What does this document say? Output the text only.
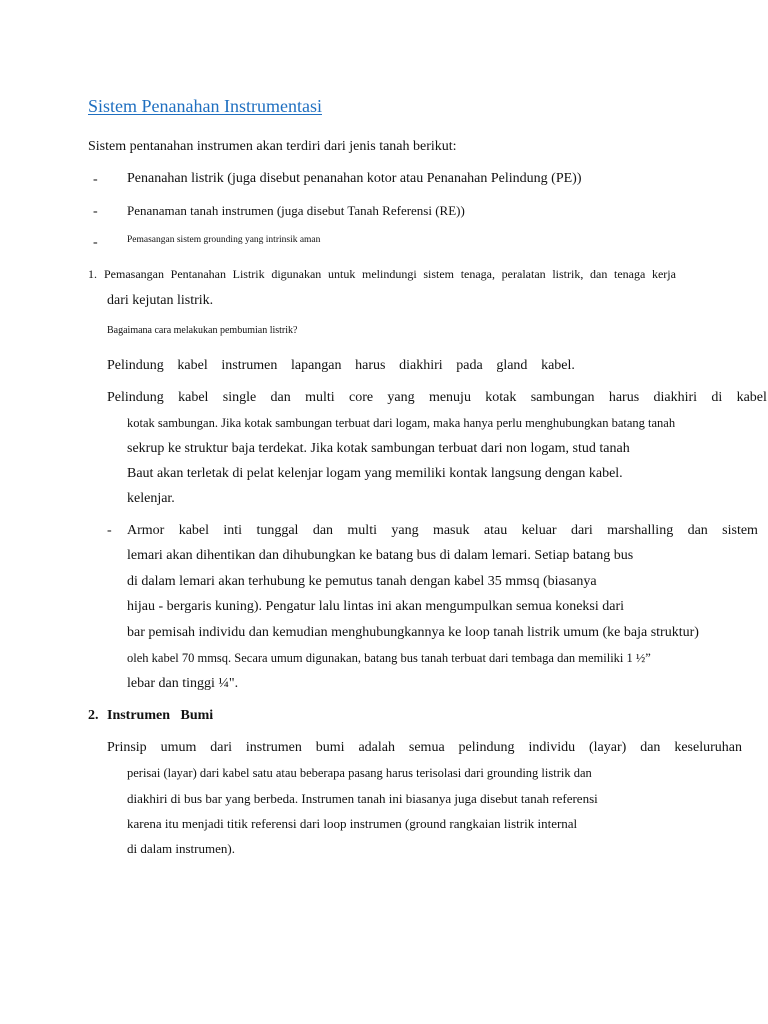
Sistem Penanahan Instrumentasi
Sistem pentanahan instrumen akan terdiri dari jenis tanah berikut:
- Penanahan listrik (juga disebut penanahan kotor atau Penanahan Pelindung (PE))
- Penanaman tanah instrumen (juga disebut Tanah Referensi (RE))
-	Pemasangan sistem grounding yang intrinsik aman
1. Pemasangan Pentanahan Listrik digunakan untuk melindungi sistem tenaga, peralatan listrik, dan tenaga kerja
dari kejutan listrik.
Bagaimana cara melakukan pembumian listrik?
Pelindung kabel instrumen lapangan harus diakhiri pada gland kabel.
Pelindung kabel single dan multi core yang menuju kotak sambungan harus diakhiri di kabel
kotak sambungan. Jika kotak sambungan terbuat dari logam, maka hanya perlu menghubungkan batang tanah
sekrup ke struktur baja terdekat. Jika kotak sambungan terbuat dari non logam, stud tanah
Baut akan terletak di pelat kelenjar logam yang memiliki kontak langsung dengan kabel.
kelenjar.
- Armor kabel inti tunggal dan multi yang masuk atau keluar dari marshalling dan sistem
lemari akan dihentikan dan dihubungkan ke batang bus di dalam lemari. Setiap batang bus
di dalam lemari akan terhubung ke pemutus tanah dengan kabel 35 mmsq (biasanya
hijau - bergaris kuning). Pengatur lalu lintas ini akan mengumpulkan semua koneksi dari
bar pemisah individu dan kemudian menghubungkannya ke loop tanah listrik umum (ke baja struktur)
oleh kabel 70 mmsq. Secara umum digunakan, batang bus tanah terbuat dari tembaga dan memiliki 1 ½”
lebar dan tinggi ¼".
2. Instrumen   Bumi
Prinsip umum dari instrumen bumi adalah semua pelindung individu (layar) dan keseluruhan
perisai (layar) dari kabel satu atau beberapa pasang harus terisolasi dari grounding listrik dan
diakhiri di bus bar yang berbeda. Instrumen tanah ini biasanya juga disebut tanah referensi
karena itu menjadi titik referensi dari loop instrumen (ground rangkaian listrik internal
di dalam instrumen).
